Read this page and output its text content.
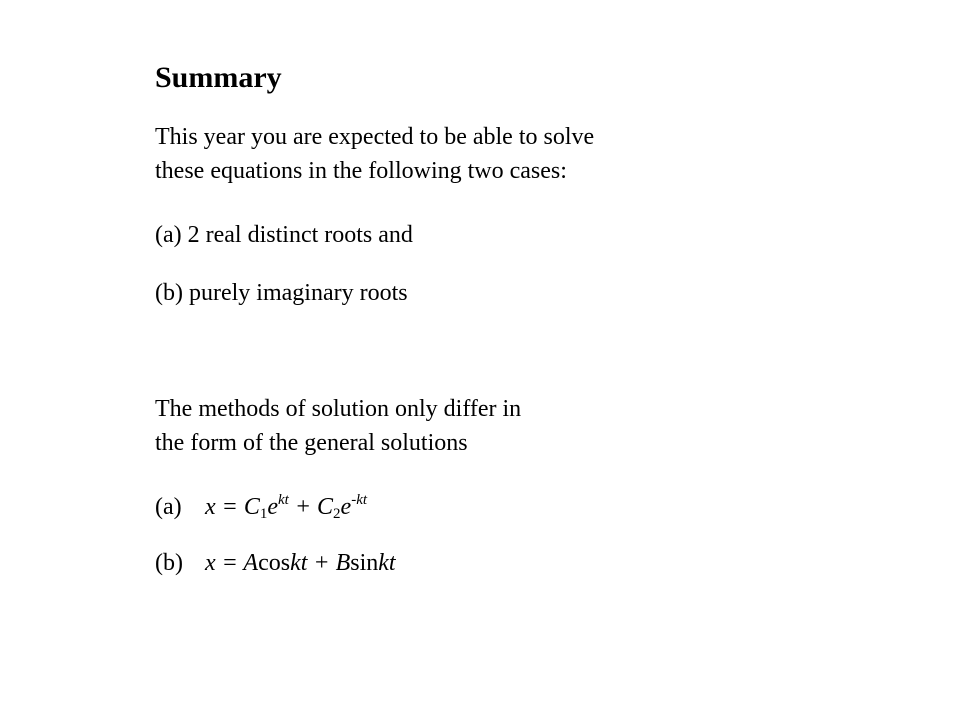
Summary
This year you are expected to be able to solve
these equations in the following two cases:
(a) 2 real distinct roots and
(b) purely imaginary roots
The methods of solution only differ in
the form of the general solutions
(a) $x = C_1e^{kt} + C_2e^{-kt}$
(b) x = Acoskt + Bsinkt
